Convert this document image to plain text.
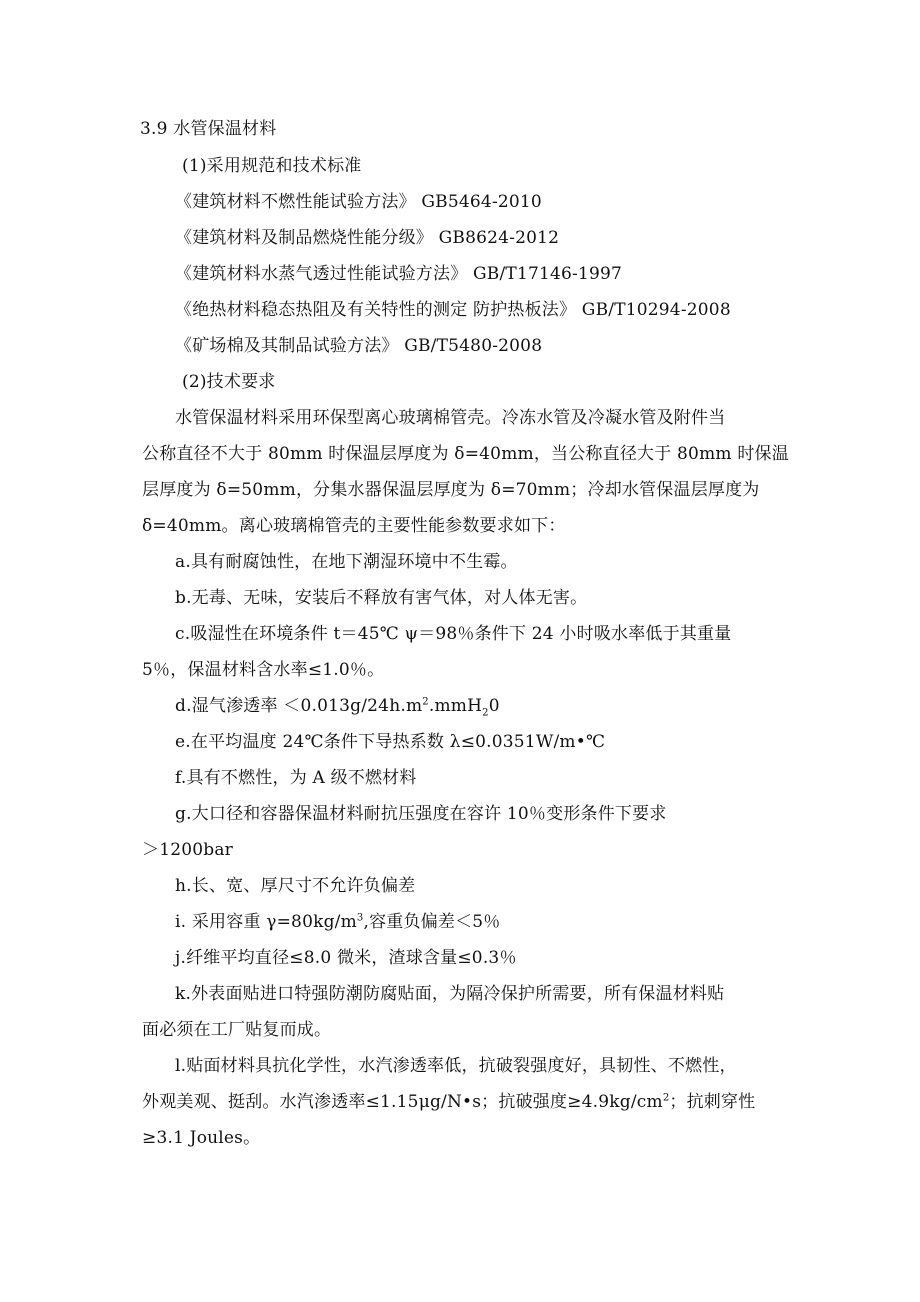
3.9 水管保温材料
(1)采用规范和技术标准
《建筑材料不燃性能试验方法》 GB5464-2010
《建筑材料及制品燃烧性能分级》 GB8624-2012
《建筑材料水蒸气透过性能试验方法》 GB/T17146-1997
《绝热材料稳态热阻及有关特性的测定 防护热板法》 GB/T10294-2008
《矿场棉及其制品试验方法》 GB/T5480-2008
(2)技术要求
水管保温材料采用环保型离心玻璃棉管壳。冷冻水管及冷凝水管及附件当
公称直径不大于 80mm 时保温层厚度为 δ=40mm，当公称直径大于 80mm 时保温
层厚度为 δ=50mm，分集水器保温层厚度为 δ=70mm；冷却水管保温层厚度为
δ=40mm。离心玻璃棉管壳的主要性能参数要求如下：
a.具有耐腐蚀性，在地下潮湿环境中不生霉。
b.无毒、无味，安装后不释放有害气体，对人体无害。
c.吸湿性在环境条件 t＝45℃ ψ＝98％条件下 24 小时吸水率低于其重量
5％，保温材料含水率≤1.0％。
d.湿气渗透率 $<0.013g/24h.m^2.mmH_20$
e.在平均温度 24℃条件下导热系数 λ≤0.0351W/m•℃
f.具有不燃性，为 A 级不燃材料
g.大口径和容器保温材料耐抗压强度在容许 10％变形条件下要求
＞1200bar
h.长、宽、厚尺寸不允许负偏差
i. 采用容重 $\gamma=80kg/m^3$,容重负偏差＜5％
j.纤维平均直径≤8.0 微米，渣球含量≤0.3％
k.外表面贴进口特强防潮防腐贴面，为隔冷保护所需要，所有保温材料贴
面必须在工厂贴复而成。
l.贴面材料具抗化学性，水汽渗透率低，抗破裂强度好，具韧性、不燃性，
外观美观、挺刮。水汽渗透率≤1.15μg/N•s；抗破强度$\ge 4.9kg/cm^2$；抗刺穿性
≥3.1 Joules。
